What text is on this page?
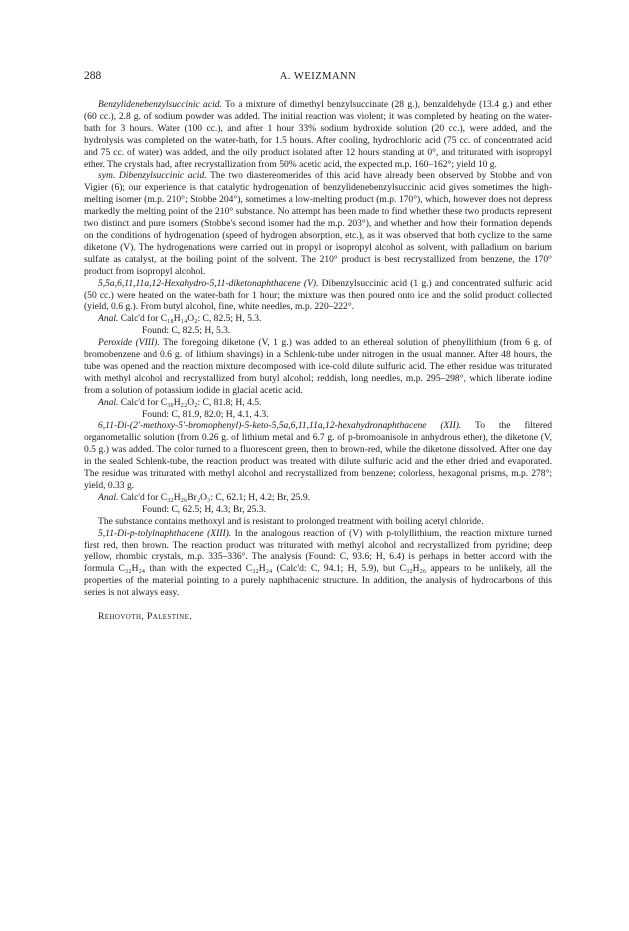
288	A. WEIZMANN

Benzylidenebenzylsuccinic acid. To a mixture of dimethyl benzylsuccinate (28 g.), benzaldehyde (13.4 g.) and ether (60 cc.), 2.8 g. of sodium powder was added. The initial reaction was violent; it was completed by heating on the water-bath for 3 hours. Water (100 cc.), and after 1 hour 33% sodium hydroxide solution (20 cc.), were added, and the hydrolysis was completed on the water-bath, for 1.5 hours. After cooling, hydrochloric acid (75 cc. of concentrated acid and 75 cc. of water) was added, and the oily product isolated after 12 hours standing at 0°, and triturated with isopropyl ether. The crystals had, after recrystallization from 50% acetic acid, the expected m.p. 160–162°; yield 10 g.

sym. Dibenzylsuccinic acid. The two diastereomerides of this acid have already been observed by Stobbe and von Vigier (6); our experience is that catalytic hydrogenation of benzylidenebenzylsuccinic acid gives sometimes the high-melting isomer (m.p. 210°; Stobbe 204°), sometimes a low-melting product (m.p. 170°), which, however does not depress markedly the melting point of the 210° substance. No attempt has been made to find whether these two products represent two distinct and pure isomers (Stobbe's second isomer had the m.p. 203°), and whether and how their formation depends on the conditions of hydrogenation (speed of hydrogen absorption, etc.), as it was observed that both cyclize to the same diketone (V). The hydrogenations were carried out in propyl or isopropyl alcohol as solvent, with palladium on barium sulfate as catalyst, at the boiling point of the solvent. The 210° product is best recrystallized from benzene, the 170° product from isopropyl alcohol.

5,5a,6,11,11a,12-Hexahydro-5,11-diketonaphthacene (V). Dibenzylsuccinic acid (1 g.) and concentrated sulfuric acid (50 cc.) were heated on the water-bath for 1 hour; the mixture was then poured onto ice and the solid product collected (yield, 0.6 g.). From butyl alcohol, fine, white needles, m.p. 220–222°.

Anal. Calc'd for C₁₈H₁₄O₂: C, 82.5; H, 5.3.

Found: C, 82.5; H, 5.3.

Peroxide (VIII). The foregoing diketone (V, 1 g.) was added to an ethereal solution of phenyllithium (from 6 g. of bromobenzene and 0.6 g. of lithium shavings) in a Schlenk-tube under nitrogen in the usual manner. After 48 hours, the tube was opened and the reaction mixture decomposed with ice-cold dilute sulfuric acid. The ether residue was triturated with methyl alcohol and recrystallized from butyl alcohol; reddish, long needles, m.p. 295–298°, which liberate iodine from a solution of potassium iodide in glacial acetic acid.

Anal. Calc'd for C₃₀H₂₂O₂: C, 81.8; H, 4.5.

Found: C, 81.9, 82.0; H, 4.1, 4.3.

6,11-Di-(2′-methoxy-5′-bromophenyl)-5-keto-5,5a,6,11,11a,12-hexahydronaphthacene (XII). To the filtered organometallic solution (from 0.26 g. of lithium metal and 6.7 g. of p-bromoanisole in anhydrous ether), the diketone (V, 0.5 g.) was added. The color turned to a fluorescent green, then to brown-red, while the diketone dissolved. After one day in the sealed Schlenk-tube, the reaction product was treated with dilute sulfuric acid and the ether dried and evaporated. The residue was triturated with methyl alcohol and recrystallized from benzene; colorless, hexagonal prisms, m.p. 278°; yield, 0.33 g.

Anal. Calc'd for C₃₂H₂₆Br₂O₃: C, 62.1; H, 4.2; Br, 25.9.

Found: C, 62.5; H, 4.3; Br, 25.3.

The substance contains methoxyl and is resistant to prolonged treatment with boiling acetyl chloride.

5,11-Di-p-tolylnaphthacene (XIII). In the analogous reaction of (V) with p-tolyllithium, the reaction mixture turned first red, then brown. The reaction product was triturated with methyl alcohol and recrystallized from pyridine; deep yellow, rhombic crystals, m.p. 335–336°. The analysis (Found: C, 93.6; H, 6.4) is perhaps in better accord with the formula C₃₂H₂₄ than with the expected C₃₂H₂₄ (Calc'd: C, 94.1; H, 5.9), but C₃₂H₂₆ appears to be unlikely, all the properties of the material pointing to a purely naphthacenic structure. In addition, the analysis of hydrocarbons of this series is not always easy.

Rehovoth, Palestine.
